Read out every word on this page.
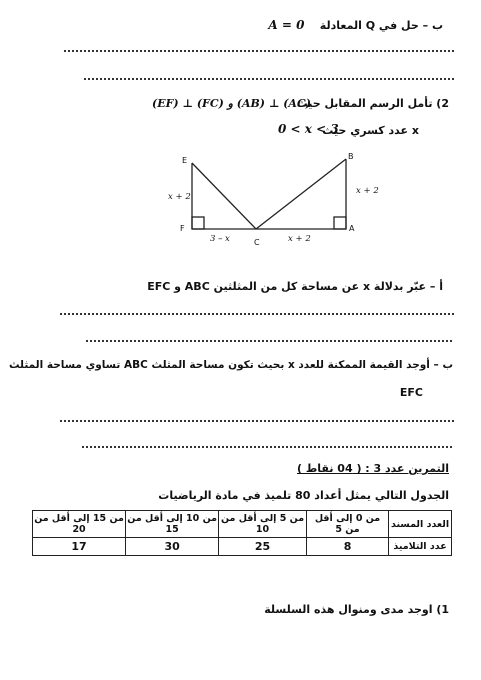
ب – حل في Q المعادلة    A = 0
2) تأمل الرسم المقابل حيث
(EF) ⊥ (FC) و (AB) ⊥ (AC)
x عدد كسري حيث
0 < x < 3
E	B
F	A
C
x + 2
x + 2
3 – x	x + 2
أ – عبّر بدلالة x عن مساحة كل من المثلثين ABC و EFC
ب – أوجد القيمة الممكنة للعدد x بحيث تكون مساحة المثلث ABC تساوي مساحة المثلث
EFC
التمرين عدد 3 : ( 04 نقاط )
الجدول التالي يمثل أعداد 80 تلميذ في مادة الرياضيات
العدد المسند	من 0 إلى أقل من 5	من 5 إلى أقل من 10	من 10 إلى أقل من 15	من 15 إلى أقل من 20
عدد التلاميذ	8	25	30	17
1) اوجد مدى ومنوال هذه السلسلة
